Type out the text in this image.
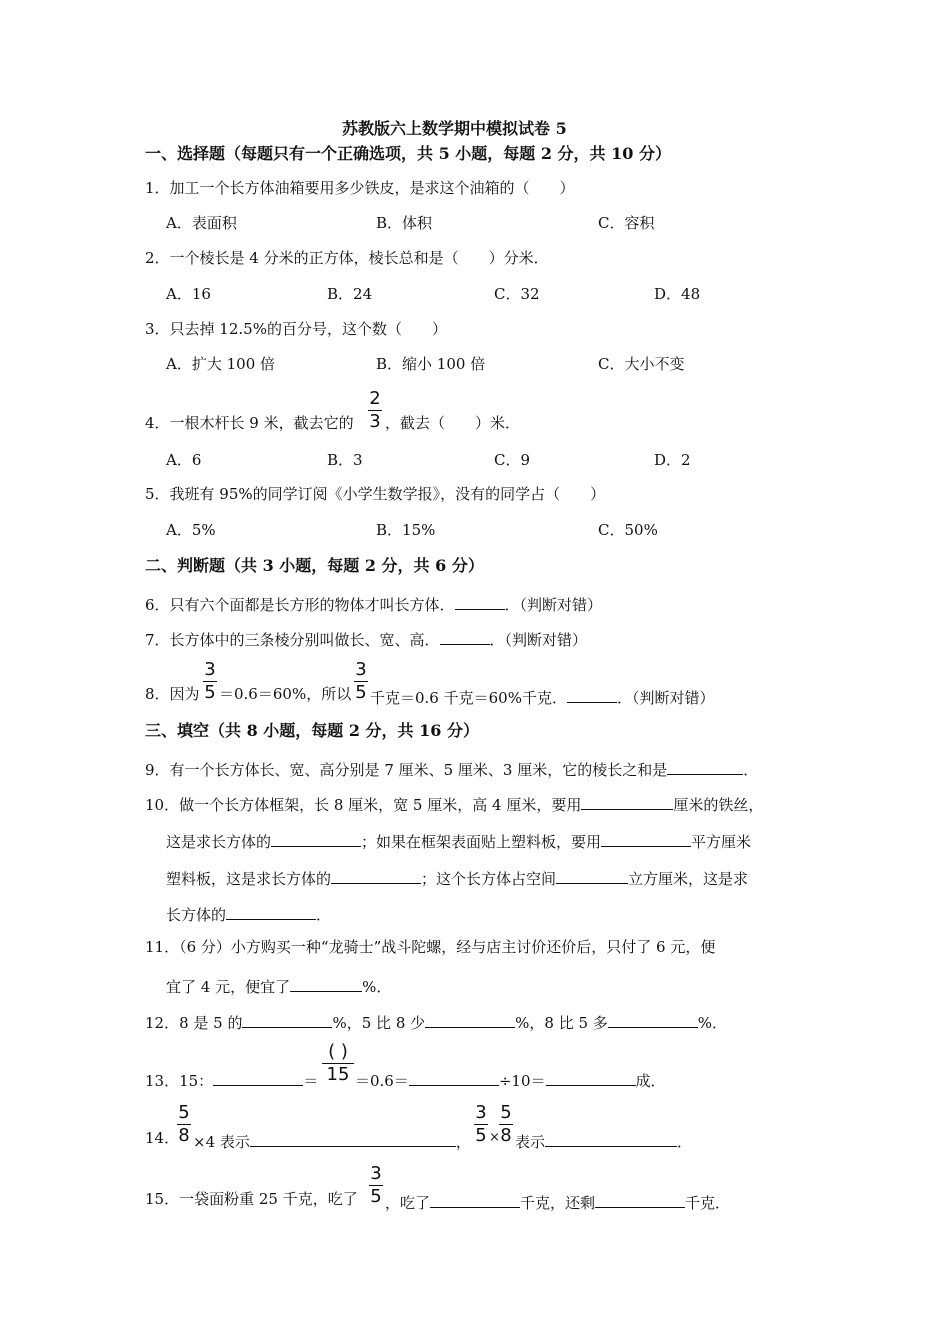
苏教版六上数学期中模拟试卷 5
一、选择题（每题只有一个正确选项，共 5 小题，每题 2 分，共 10 分）
1．加工一个长方体油箱要用多少铁皮，是求这个油箱的（　　）
A．表面积	B．体积	C．容积
2．一个棱长是 4 分米的正方体，棱长总和是（　　）分米．
A．16	B．24	C．32	D．48
3．只去掉 12.5%的百分号，这个数（　　）
A．扩大 100 倍	B．缩小 100 倍	C．大小不变
4．一根木杆长 9 米，截去它的
2
3 ，截去（　　）米．
A．6	B．3	C．9	D．2
5．我班有 95%的同学订阅《小学生数学报》，没有的同学占（　　）
A．5%	B．15%	C．50%
二、判断题（共 3 小题，每题 2 分，共 6 分）
6．只有六个面都是长方形的物体才叫长方体．	．（判断对错）
7．长方体中的三条棱分别叫做长、宽、高．	．（判断对错）
8．因为
3
5 ＝0.6＝60%，所以
3
5 千克＝0.6 千克＝60%千克．	．（判断对错）
三、填空（共 8 小题，每题 2 分，共 16 分）
9．有一个长方体长、宽、高分别是 7 厘米、5 厘米、3 厘米，它的棱长之和是	．
10．做一个长方体框架，长 8 厘米，宽 5 厘米，高 4 厘米，要用	厘米的铁丝，
这是求长方体的	；如果在框架表面贴上塑料板，要用	平方厘米
塑料板，这是求长方体的	；这个长方体占空间	立方厘米，这是求
长方体的	．
11．（6 分）小方购买一种“龙骑士”战斗陀螺，经与店主讨价还价后，只付了 6 元，便
宜了 4 元，便宜了	%．
12．8 是 5 的	%，5 比 8 少	%，8 比 5 多	%．
13．15：	＝
( )
15 ＝0.6＝	÷10＝	成．
14．
5
8 ×4 表示	，
3
5 ×
5
8 表示	．
15．一袋面粉重 25 千克，吃了
3
5 ，吃了	千克，还剩	千克．
